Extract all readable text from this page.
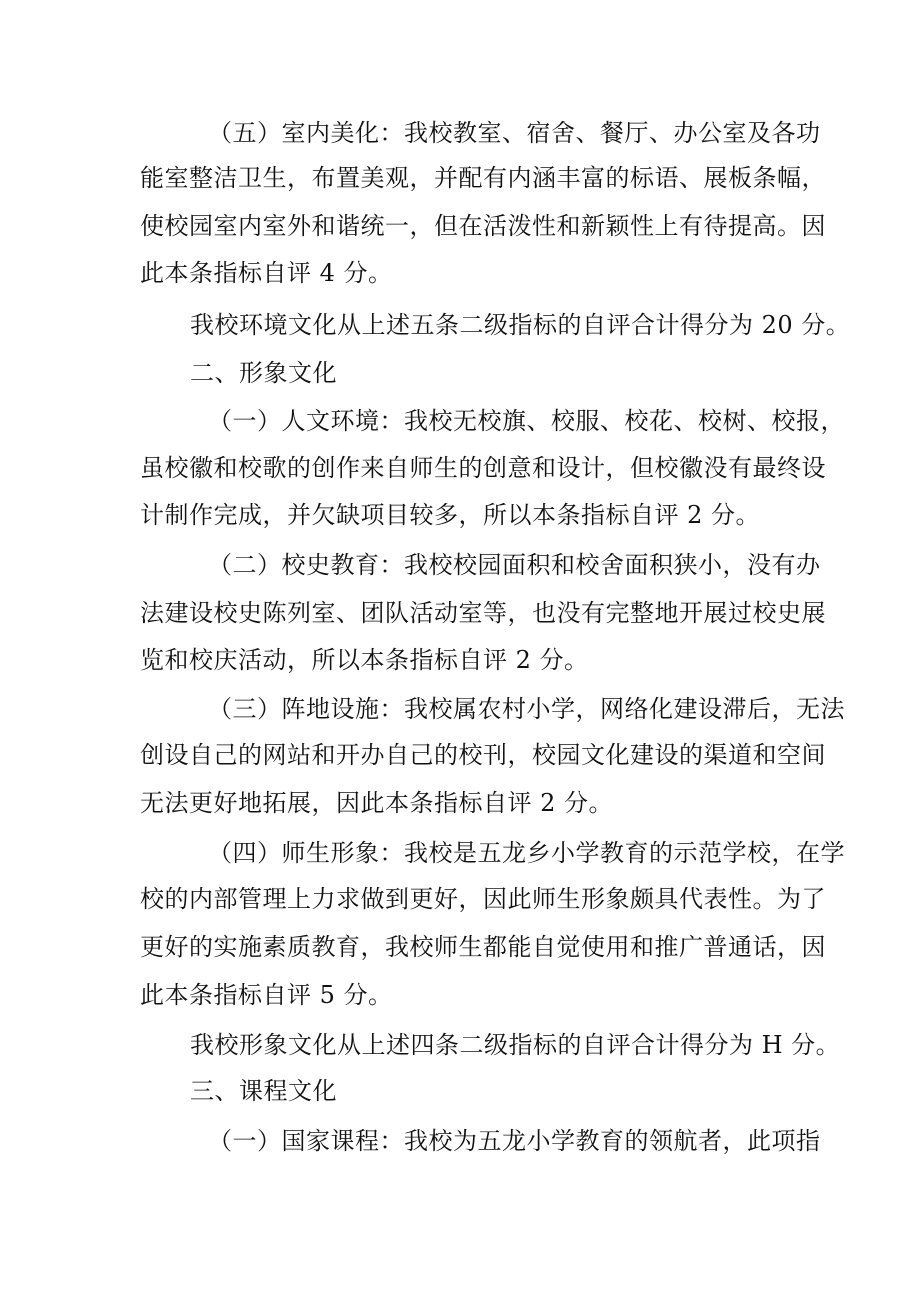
（五）室内美化：我校教室、宿舍、餐厅、办公室及各功
能室整洁卫生，布置美观，并配有内涵丰富的标语、展板条幅，
使校园室内室外和谐统一，但在活泼性和新颖性上有待提高。因
此本条指标自评 4 分。
我校环境文化从上述五条二级指标的自评合计得分为 20 分。
二、形象文化
（一）人文环境：我校无校旗、校服、校花、校树、校报，
虽校徽和校歌的创作来自师生的创意和设计，但校徽没有最终设
计制作完成，并欠缺项目较多，所以本条指标自评 2 分。
（二）校史教育：我校校园面积和校舍面积狭小，没有办
法建设校史陈列室、团队活动室等，也没有完整地开展过校史展
览和校庆活动，所以本条指标自评 2 分。
（三）阵地设施：我校属农村小学，网络化建设滞后，无法
创设自己的网站和开办自己的校刊，校园文化建设的渠道和空间
无法更好地拓展，因此本条指标自评 2 分。
（四）师生形象：我校是五龙乡小学教育的示范学校，在学
校的内部管理上力求做到更好，因此师生形象颇具代表性。为了
更好的实施素质教育，我校师生都能自觉使用和推广普通话，因
此本条指标自评 5 分。
我校形象文化从上述四条二级指标的自评合计得分为 H 分。
三、课程文化
（一）国家课程：我校为五龙小学教育的领航者，此项指
